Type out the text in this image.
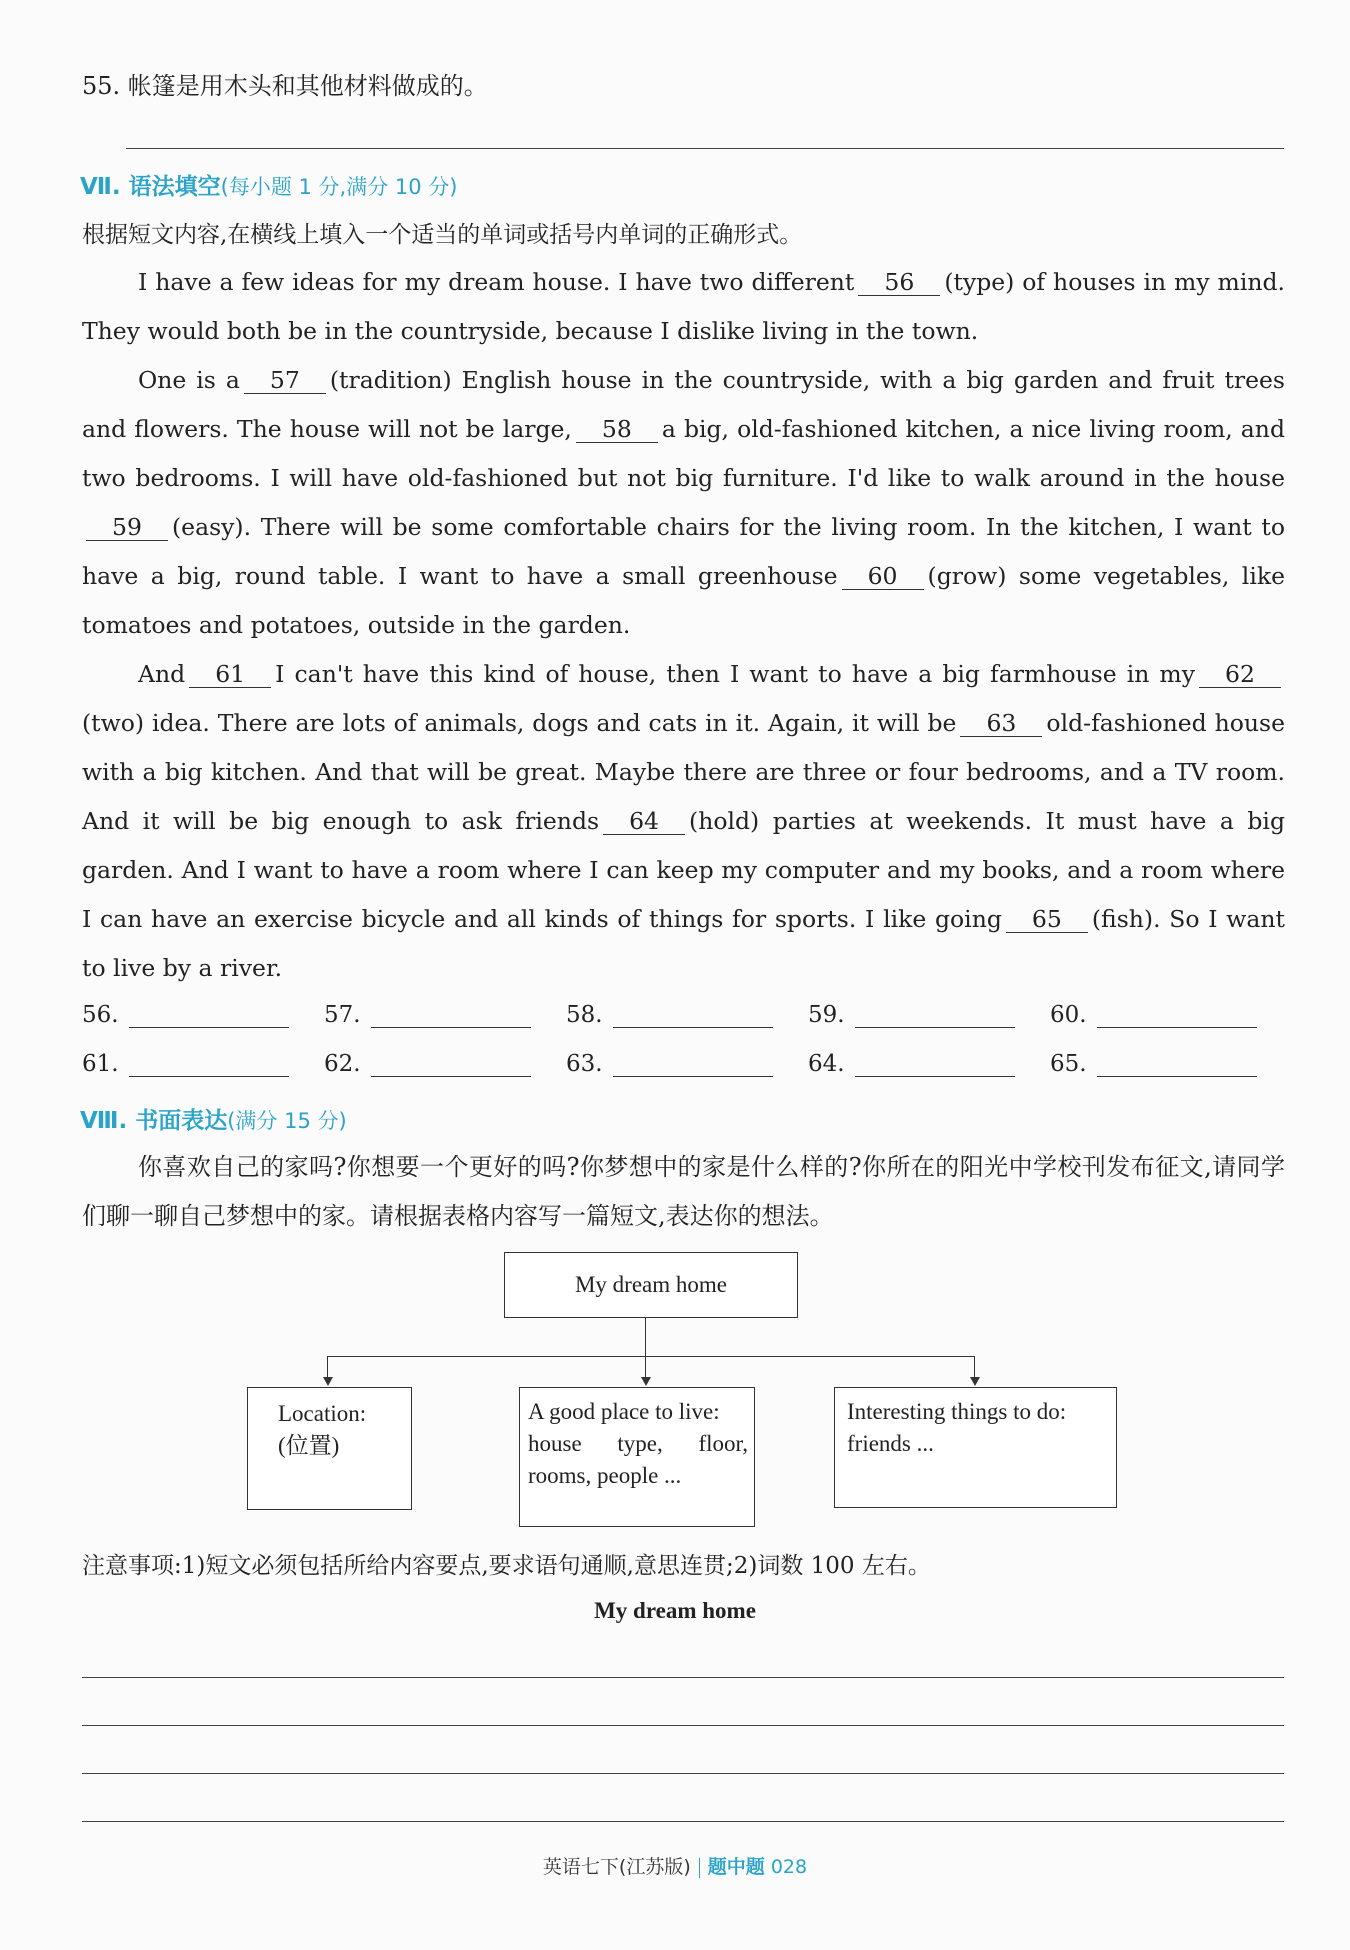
55. 帐篷是用木头和其他材料做成的。
Ⅶ. 语法填空(每小题 1 分,满分 10 分)
根据短文内容,在横线上填入一个适当的单词或括号内单词的正确形式。

I have a few ideas for my dream house. I have two different 56 (type) of houses in my mind. They would both be in the countryside, because I dislike living in the town.

One is a 57 (tradition) English house in the countryside, with a big garden and fruit trees and flowers. The house will not be large, 58 a big, old-fashioned kitchen, a nice living room, and two bedrooms. I will have old-fashioned but not big furniture. I'd like to walk around in the house59 (easy). There will be some comfortable chairs for the living room. In the kitchen, I want to have a big, round table. I want to have a small greenhouse 60 (grow) some vegetables, like tomatoes and potatoes, outside in the garden.

And 61 I can't have this kind of house, then I want to have a big farmhouse in my 62(two) idea. There are lots of animals, dogs and cats in it. Again, it will be 63 old-fashioned house with a big kitchen. And that will be great. Maybe there are three or four bedrooms, and a TV room. And it will be big enough to ask friends 64 (hold) parties at weekends. It must have a big garden. And I want to have a room where I can keep my computer and my books, and a room where I can have an exercise bicycle and all kinds of things for sports. I like going 65 (fish). So I want to live by a river.

56.	57.	58.	59.	60.
61.	62.	63.	64.	65.
Ⅷ. 书面表达(满分 15 分)

你喜欢自己的家吗?你想要一个更好的吗?你梦想中的家是什么样的?你所在的阳光中学校刊发布征文,请同学们聊一聊自己梦想中的家。请根据表格内容写一篇短文,表达你的想法。

My dream home
Location:
(位置)
A good place to live:
house type, floor, rooms, people ...
Interesting things to do:
friends ...
注意事项:1)短文必须包括所给内容要点,要求语句通顺,意思连贯;2)词数 100 左右。
My dream home
英语七下(江苏版) 题中题 028
